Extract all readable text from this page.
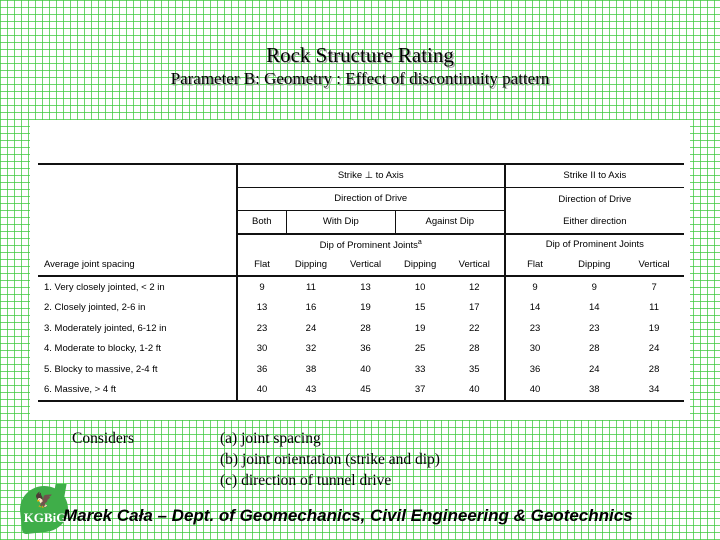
Rock Structure Rating
Parameter B: Geometry : Effect of discontinuity pattern
	Strike ⊥ to Axis					Strike II to Axis		
	Direction of Drive					Direction of Drive		
	Both	With Dip		Against Dip		Either direction		
	Dip of Prominent Joints$^a$					Dip of Prominent Joints		
Average joint spacing	Flat	Dipping	Vertical	Dipping	Vertical	Flat	Dipping	Vertical
1. Very closely jointed, < 2 in	9	11	13	10	12	9	9	7
2. Closely jointed, 2-6 in	13	16	19	15	17	14	14	11
3. Moderately jointed, 6-12 in	23	24	28	19	22	23	23	19
4. Moderate to blocky, 1-2 ft	30	32	36	25	28	30	28	24
5. Blocky to massive, 2-4 ft	36	38	40	33	35	36	24	28
6. Massive, > 4 ft	40	43	45	37	40	40	38	34
Considers	(a) joint spacing
(b) joint orientation (strike and dip)
(c) direction of tunnel drive
🦅
KGBiG
Marek Cała – Dept. of Geomechanics, Civil Engineering & Geotechnics
